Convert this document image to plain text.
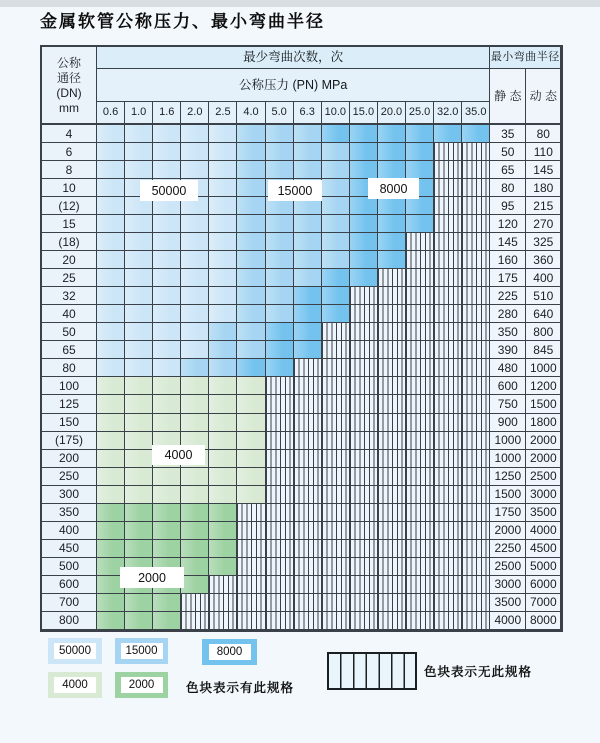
金属软管公称压力、最小弯曲半径
公称
通径
(DN)
mm
最少弯曲次数，次	最小弯曲半径
公称压力 (PN) MPa
静 态 动 态
0.6	1.0	1.6	2.0	2.5	4.0	5.0	6.3 10.0 15.0 20.0 25.0 32.0 35.0
4	35	80
6	50	110
8	65	145
10	80	180
(12)	95	215
15	120	270
(18)	145	325
20	160	360
25	175	400
32	225	510
40	280	640
50	350	800
65	390	845
80	480	1000
100	600	1200
125	750	1500
150	900	1800
(175)	1000 2000
200	1000 2000
250	1250 2500
300	1500 3000
350	1750 3500
400	2000 4000
450	2250 4500
500	2500 5000
600	3000 6000
700	3500 7000
800	4000 8000
50000	15000	8000
4000
2000
50000	15000	8000
4000	2000	色块表示有此规格
色块表示无此规格
